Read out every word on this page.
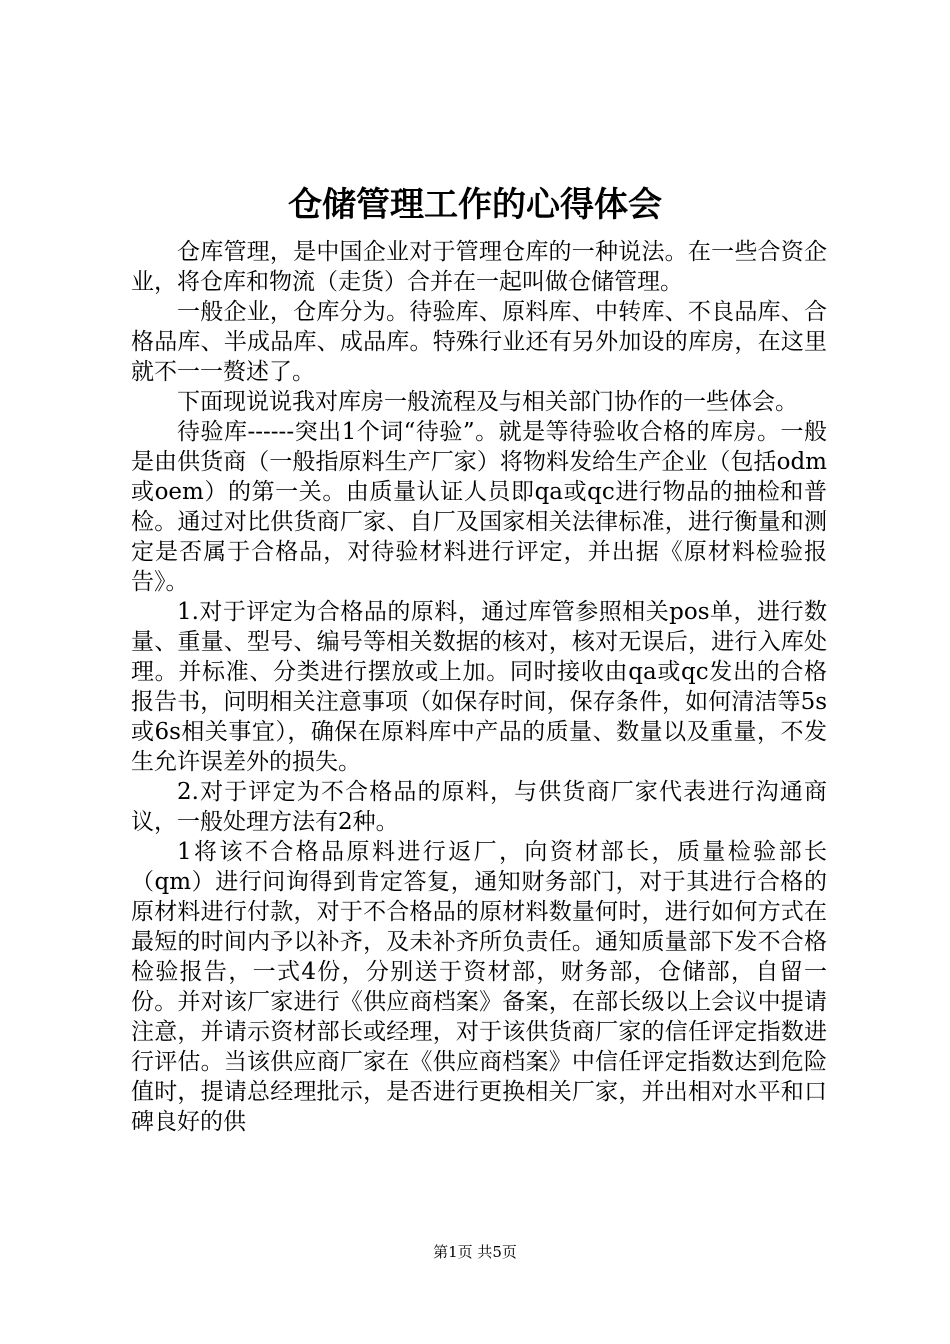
仓储管理工作的心得体会

仓库管理，是中国企业对于管理仓库的一种说法。在一些合资企业，将仓库和物流（走货）合并在一起叫做仓储管理。

一般企业，仓库分为。待验库、原料库、中转库、不良品库、合格品库、半成品库、成品库。特殊行业还有另外加设的库房，在这里就不一一赘述了。

下面现说说我对库房一般流程及与相关部门协作的一些体会。

待验库------突出1个词“待验”。就是等待验收合格的库房。一般是由供货商（一般指原料生产厂家）将物料发给生产企业（包括odm或oem）的第一关。由质量认证人员即qa或qc进行物品的抽检和普检。通过对比供货商厂家、自厂及国家相关法律标准，进行衡量和测定是否属于合格品，对待验材料进行评定，并出据《原材料检验报告》。

1.对于评定为合格品的原料，通过库管参照相关pos单，进行数量、重量、型号、编号等相关数据的核对，核对无误后，进行入库处理。并标准、分类进行摆放或上加。同时接收由qa或qc发出的合格报告书，问明相关注意事项（如保存时间，保存条件，如何清洁等5s或6s相关事宜），确保在原料库中产品的质量、数量以及重量，不发生允许误差外的损失。

2.对于评定为不合格品的原料，与供货商厂家代表进行沟通商议，一般处理方法有2种。

1将该不合格品原料进行返厂，向资材部长，质量检验部长（qm）进行问询得到肯定答复，通知财务部门，对于其进行合格的原材料进行付款，对于不合格品的原材料数量何时，进行如何方式在最短的时间内予以补齐，及未补齐所负责任。通知质量部下发不合格检验报告，一式4份，分别送于资材部，财务部，仓储部，自留一份。并对该厂家进行《供应商档案》备案，在部长级以上会议中提请注意，并请示资材部长或经理，对于该供货商厂家的信任评定指数进行评估。当该供应商厂家在《供应商档案》中信任评定指数达到危险值时，提请总经理批示，是否进行更换相关厂家，并出相对水平和口碑良好的供

第1页 共5页
